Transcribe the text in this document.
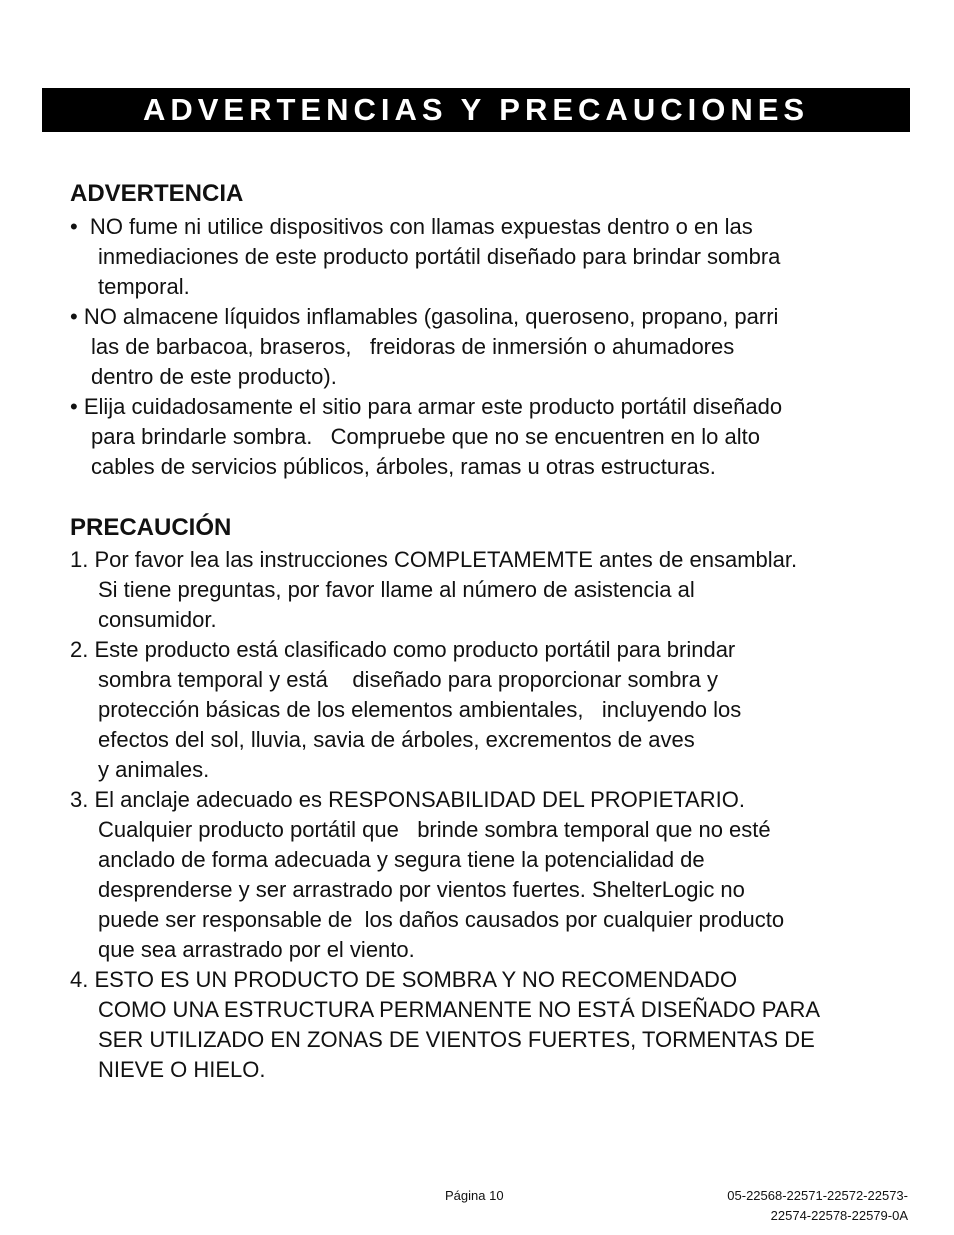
ADVERTENCIAS Y PRECAUCIONES
ADVERTENCIA
•  NO fume ni utilice dispositivos con llamas expuestas dentro o en las
inmediaciones de este producto portátil diseñado para brindar sombra
temporal.
• NO almacene líquidos inflamables (gasolina, queroseno, propano, parri
las de barbacoa, braseros,   freidoras de inmersión o ahumadores
dentro de este producto).
• Elija cuidadosamente el sitio para armar este producto portátil diseñado
para brindarle sombra.   Compruebe que no se encuentren en lo alto
cables de servicios públicos, árboles, ramas u otras estructuras.
PRECAUCIÓN
1. Por favor lea las instrucciones COMPLETAMEMTE antes de ensamblar.
Si tiene preguntas, por favor llame al número de asistencia al
consumidor.
2. Este producto está clasificado como producto portátil para brindar
sombra temporal y está    diseñado para proporcionar sombra y
protección básicas de los elementos ambientales,   incluyendo los
efectos del sol, lluvia, savia de árboles, excrementos de aves
y animales.
3. El anclaje adecuado es RESPONSABILIDAD DEL PROPIETARIO.
Cualquier producto portátil que   brinde sombra temporal que no esté
anclado de forma adecuada y segura tiene la potencialidad de
desprenderse y ser arrastrado por vientos fuertes. ShelterLogic no
puede ser responsable de  los daños causados por cualquier producto
que sea arrastrado por el viento.
4. ESTO ES UN PRODUCTO DE SOMBRA Y NO RECOMENDADO
COMO UNA ESTRUCTURA PERMANENTE NO ESTÁ DISEÑADO PARA
SER UTILIZADO EN ZONAS DE VIENTOS FUERTES, TORMENTAS DE
NIEVE O HIELO.
Página 10	05-22568-22571-22572-22573-
22574-22578-22579-0A
